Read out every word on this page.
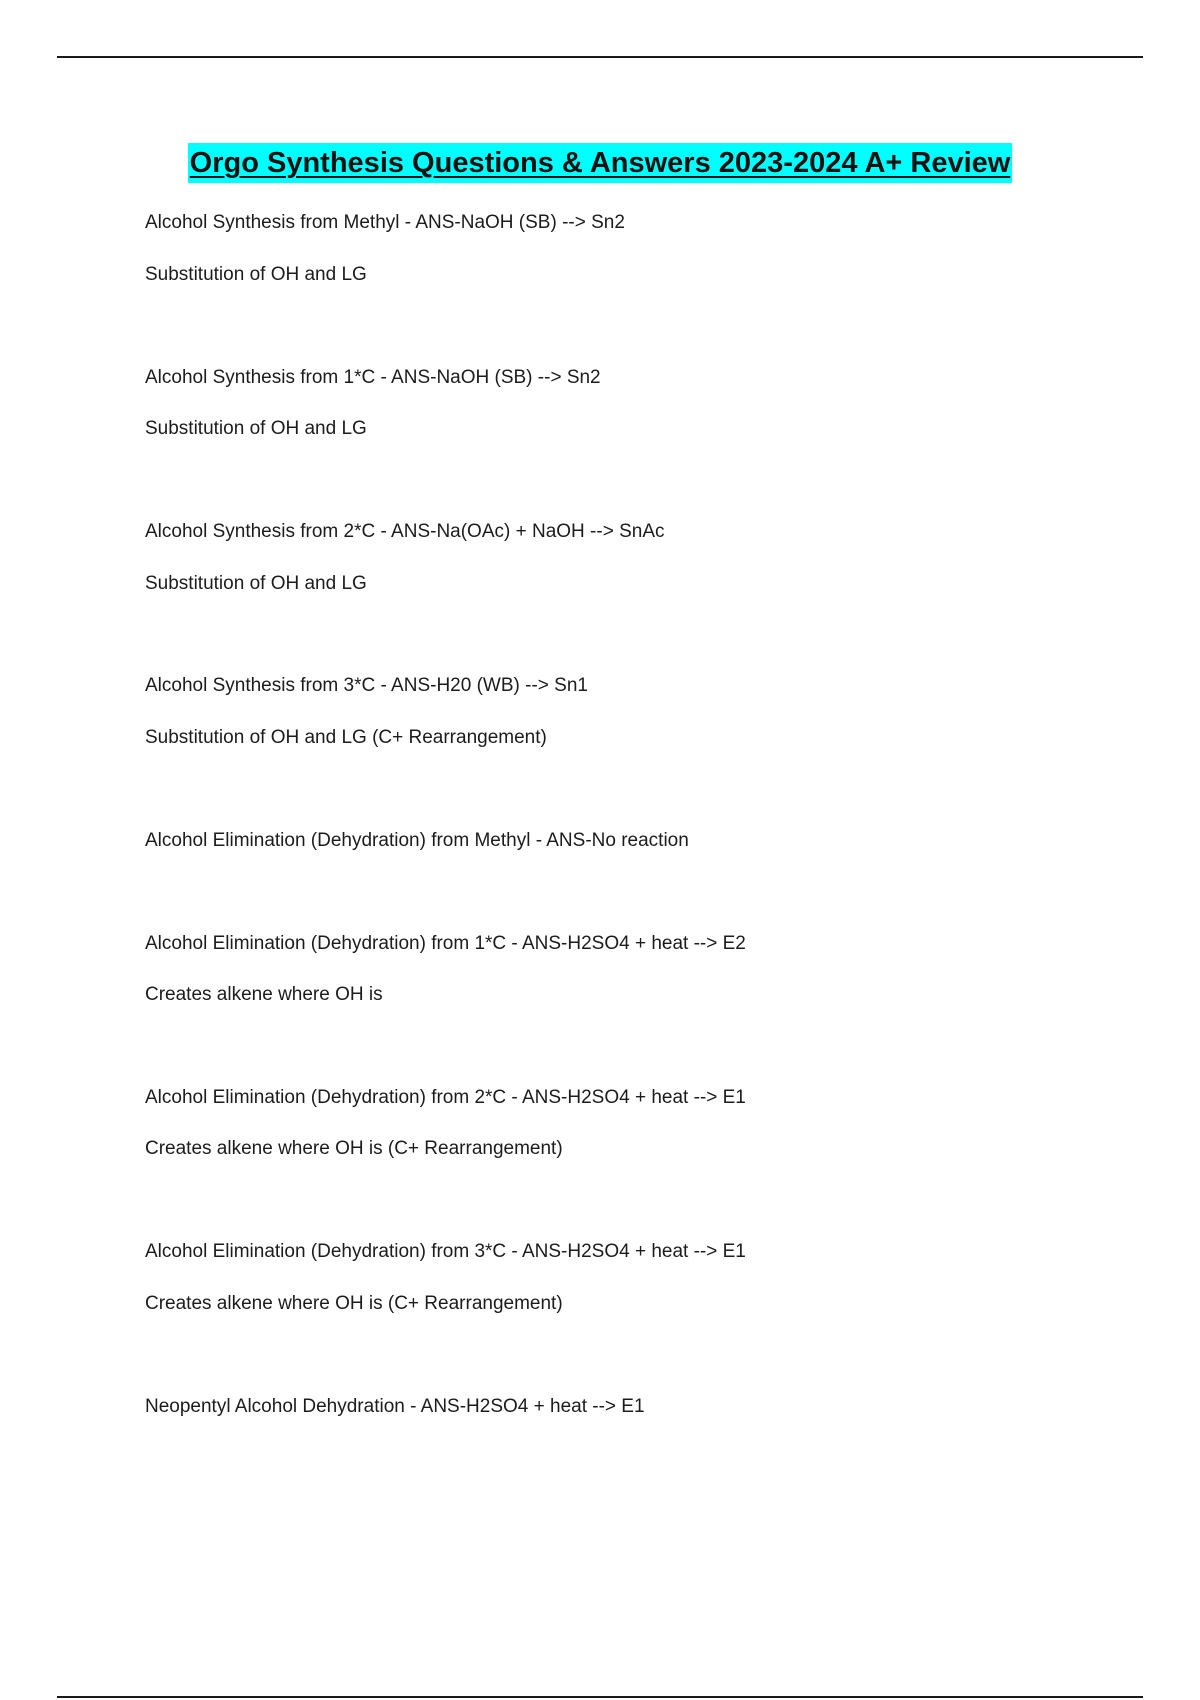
Orgo Synthesis Questions & Answers 2023-2024 A+ Review
Alcohol Synthesis from Methyl - ANS-NaOH (SB) --> Sn2
Substitution of OH and LG
Alcohol Synthesis from 1*C - ANS-NaOH (SB) --> Sn2
Substitution of OH and LG
Alcohol Synthesis from 2*C - ANS-Na(OAc) + NaOH --> SnAc
Substitution of OH and LG
Alcohol Synthesis from 3*C - ANS-H20 (WB) --> Sn1
Substitution of OH and LG (C+ Rearrangement)
Alcohol Elimination (Dehydration) from Methyl - ANS-No reaction
Alcohol Elimination (Dehydration) from 1*C - ANS-H2SO4 + heat --> E2
Creates alkene where OH is
Alcohol Elimination (Dehydration) from 2*C - ANS-H2SO4 + heat --> E1
Creates alkene where OH is (C+ Rearrangement)
Alcohol Elimination (Dehydration) from 3*C - ANS-H2SO4 + heat --> E1
Creates alkene where OH is (C+ Rearrangement)
Neopentyl Alcohol Dehydration - ANS-H2SO4 + heat --> E1
